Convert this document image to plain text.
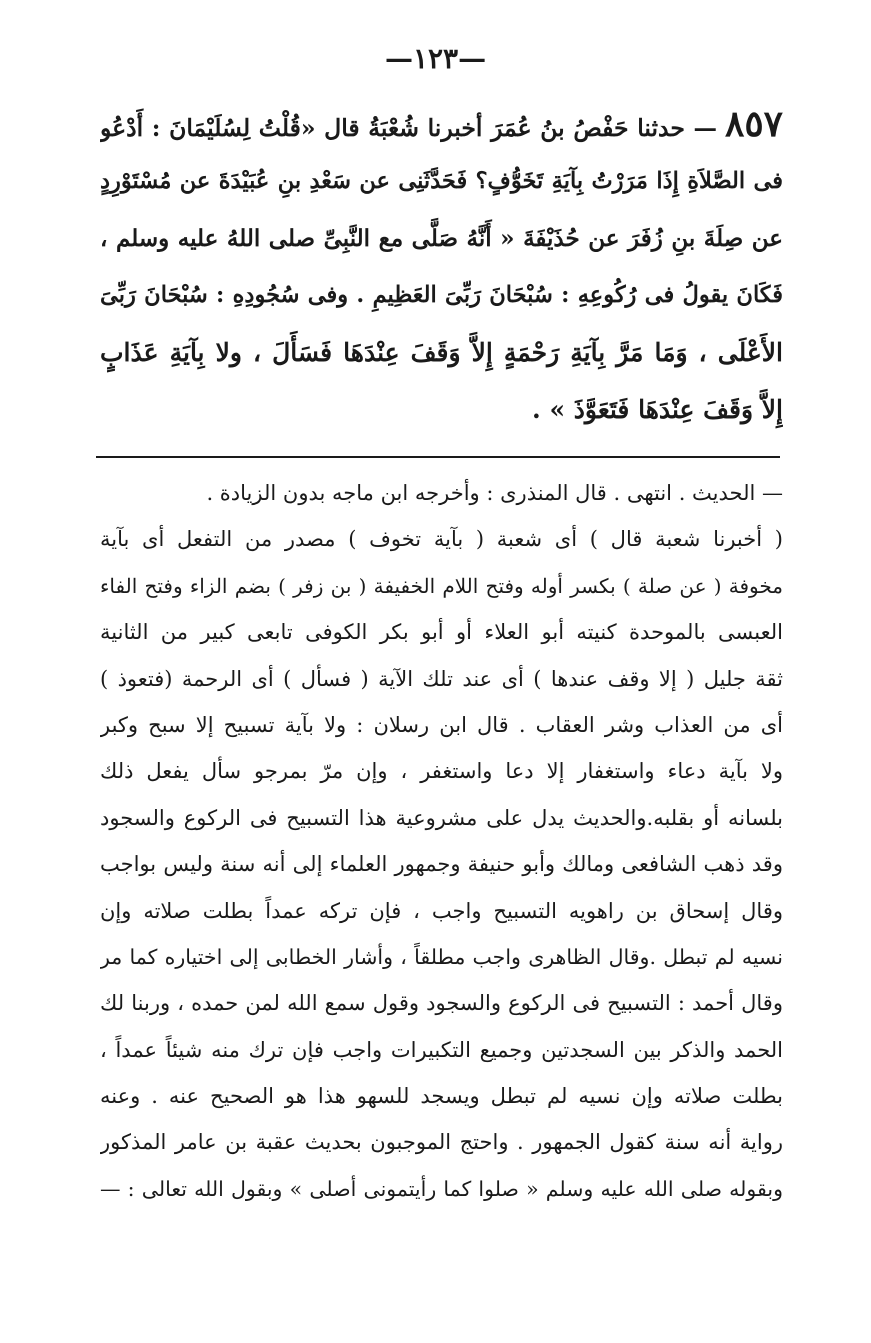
—١٢٣—
٨٥٧— حدثنا حَفْصُ بنُ عُمَرَ أخبرنا شُعْبَةُ قال «قُلْتُ لِسُلَيْمَانَ : أَدْعُو
فى الصَّلاَةِ إِذَا مَرَرْتُ بِآيَةِ تَخَوُّفٍ؟ فَحَدَّثَنِى عن سَعْدِ بنِ عُبَيْدَةَ عن مُسْتَوْرِدٍ
عن صِلَةَ بنِ زُفَرَ عن حُذَيْفَةَ « أَنَّهُ صَلَّى مع النَّبِىِّ صلى اللهُ عليه وسلم ،
فَكَانَ يقولُ فى رُكُوعِهِ : سُبْحَانَ رَبِّىَ العَظِيمِ . وفى سُجُودِهِ : سُبْحَانَ رَبِّىَ
الأَعْلَى ، وَمَا مَرَّ بِآيَةِ رَحْمَةٍ إِلاَّ وَقَفَ عِنْدَهَا فَسَأَلَ ، ولا بِآيَةِ عَذَابٍ
إِلاَّ وَقَفَ عِنْدَهَا فَتَعَوَّذَ » .
— الحديث . انتهى . قال المنذرى : وأخرجه ابن ماجه بدون الزيادة .
( أخبرنا شعبة قال ) أى شعبة ( بآية تخوف ) مصدر من التفعل أى بآية
مخوفة ( عن صلة ) بكسر أوله وفتح اللام الخفيفة ( بن زفر ) بضم الزاء وفتح الفاء
العبسى بالموحدة كنيته أبو العلاء أو أبو بكر الكوفى تابعى كبير من الثانية
ثقة جليل ( إلا وقف عندها ) أى عند تلك الآية ( فسأل ) أى الرحمة (فتعوذ )
أى من العذاب وشر العقاب . قال ابن رسلان : ولا بآية تسبيح إلا سبح وكبر
ولا بآية دعاء واستغفار إلا دعا واستغفر ، وإن مرّ بمرجو سأل يفعل ذلك
بلسانه أو بقلبه.والحديث يدل على مشروعية هذا التسبيح فى الركوع والسجود
وقد ذهب الشافعى ومالك وأبو حنيفة وجمهور العلماء إلى أنه سنة وليس بواجب
وقال إسحاق بن راهويه التسبيح واجب ، فإن تركه عمداً بطلت صلاته وإن
نسيه لم تبطل .وقال الظاهرى واجب مطلقاً ، وأشار الخطابى إلى اختياره كما مر
وقال أحمد : التسبيح فى الركوع والسجود وقول سمع الله لمن حمده ، وربنا لك
الحمد والذكر بين السجدتين وجميع التكبيرات واجب فإن ترك منه شيئاً عمداً ،
بطلت صلاته وإن نسيه لم تبطل ويسجد للسهو هذا هو الصحيح عنه . وعنه
رواية أنه سنة كقول الجمهور . واحتج الموجبون بحديث عقبة بن عامر المذكور
وبقوله صلى الله عليه وسلم « صلوا كما رأيتمونى أصلى » وبقول الله تعالى : —
